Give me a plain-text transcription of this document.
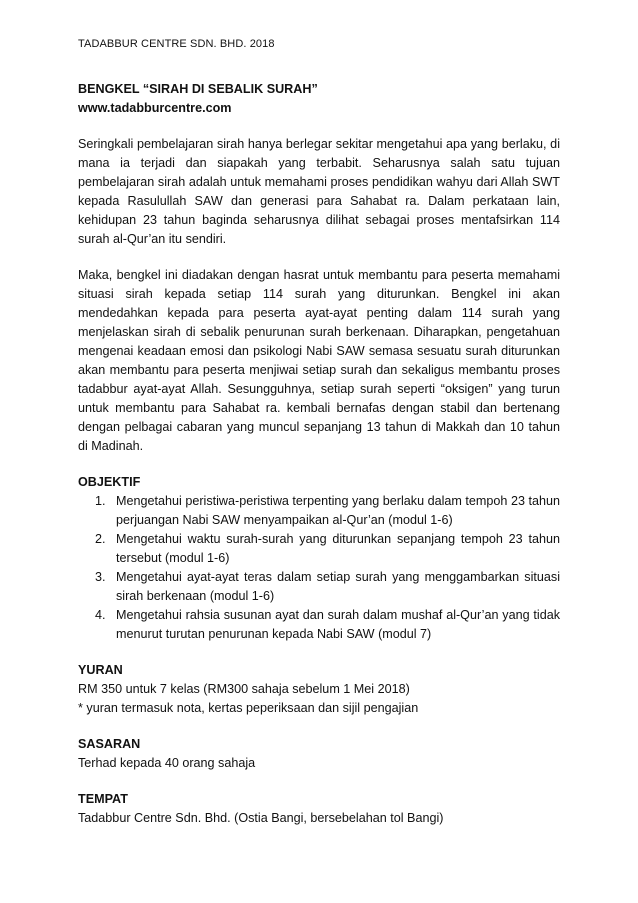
TADABBUR CENTRE SDN. BHD. 2018

BENGKEL “SIRAH DI SEBALIK SURAH”

www.tadabburcentre.com

Seringkali pembelajaran sirah hanya berlegar sekitar mengetahui apa yang berlaku, di mana ia terjadi dan siapakah yang terbabit. Seharusnya salah satu tujuan pembelajaran sirah adalah untuk memahami proses pendidikan wahyu dari Allah SWT kepada Rasulullah SAW dan generasi para Sahabat ra. Dalam perkataan lain, kehidupan 23 tahun baginda seharusnya dilihat sebagai proses mentafsirkan 114 surah al-Qur’an itu sendiri.

Maka, bengkel ini diadakan dengan hasrat untuk membantu para peserta memahami situasi sirah kepada setiap 114 surah yang diturunkan. Bengkel ini akan mendedahkan kepada para peserta ayat-ayat penting dalam 114 surah yang menjelaskan sirah di sebalik penurunan surah berkenaan. Diharapkan, pengetahuan mengenai keadaan emosi dan psikologi Nabi SAW semasa sesuatu surah diturunkan akan membantu para peserta menjiwai setiap surah dan sekaligus membantu proses tadabbur ayat-ayat Allah. Sesungguhnya, setiap surah seperti “oksigen” yang turun untuk membantu para Sahabat ra. kembali bernafas dengan stabil dan bertenang dengan pelbagai cabaran yang muncul sepanjang 13 tahun di Makkah dan 10 tahun di Madinah.

OBJEKTIF

1. Mengetahui peristiwa-peristiwa terpenting yang berlaku dalam tempoh 23 tahun perjuangan Nabi SAW menyampaikan al-Qur’an (modul 1-6)
2. Mengetahui waktu surah-surah yang diturunkan sepanjang tempoh 23 tahun tersebut (modul 1-6)
3. Mengetahui ayat-ayat teras dalam setiap surah yang menggambarkan situasi sirah berkenaan (modul 1-6)
4. Mengetahui rahsia susunan ayat dan surah dalam mushaf al-Qur’an yang tidak menurut turutan penurunan kepada Nabi SAW (modul 7)

YURAN

RM 350 untuk 7 kelas (RM300 sahaja sebelum 1 Mei 2018)

* yuran termasuk nota, kertas peperiksaan dan sijil pengajian

SASARAN

Terhad kepada 40 orang sahaja

TEMPAT

Tadabbur Centre Sdn. Bhd. (Ostia Bangi, bersebelahan tol Bangi)
